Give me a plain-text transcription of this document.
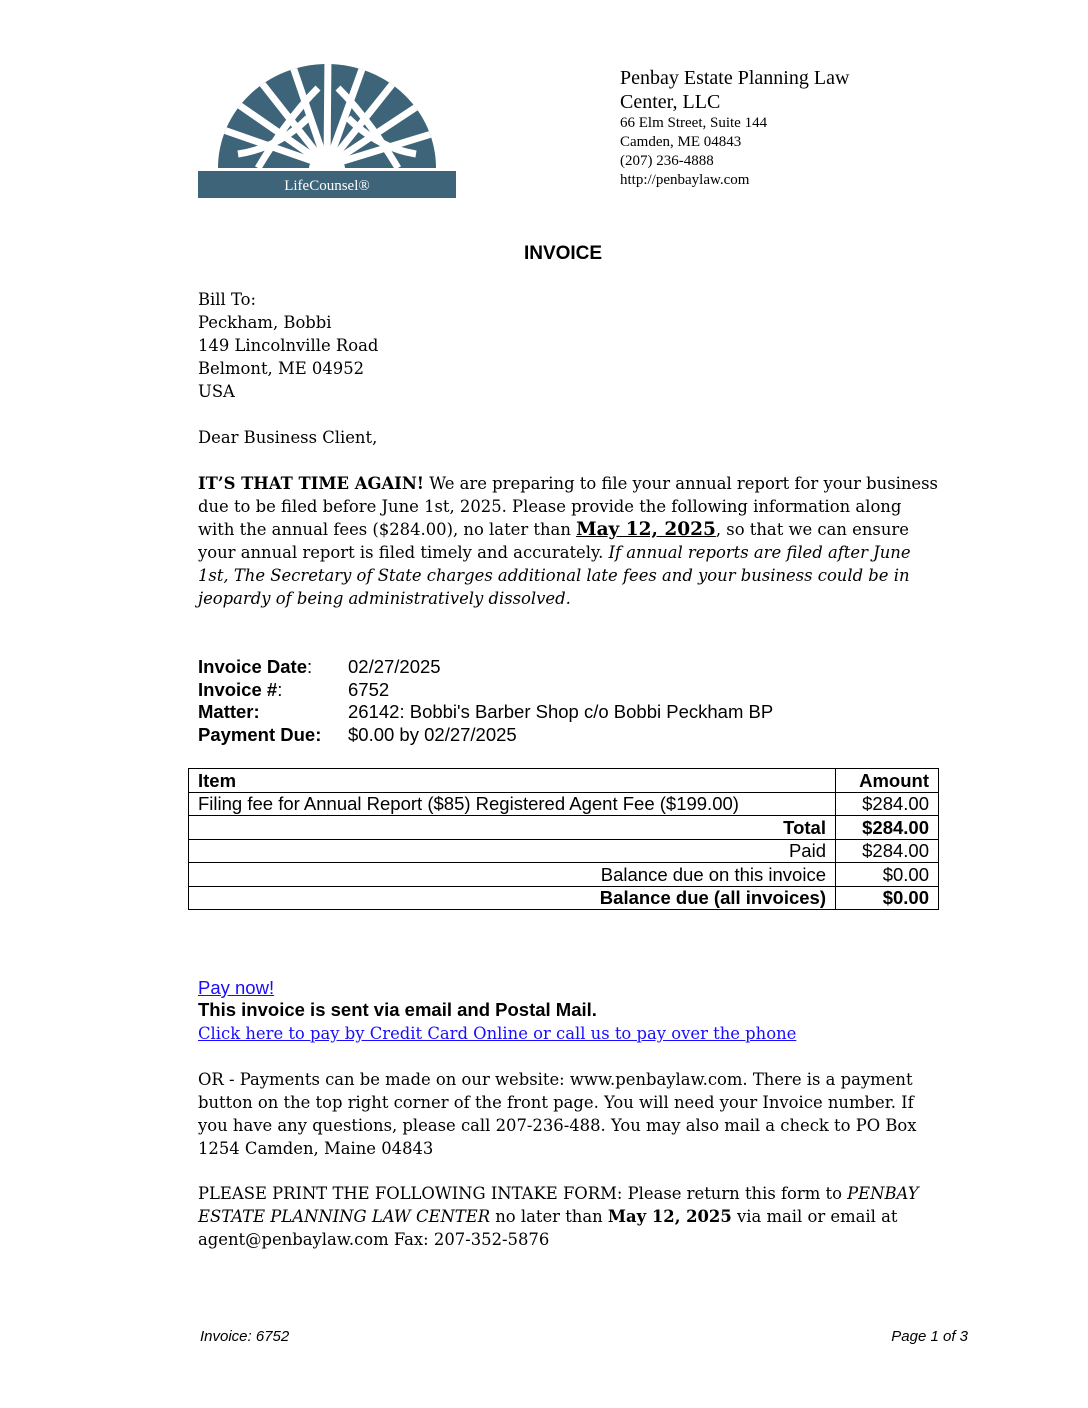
LifeCounsel®
Penbay Estate Planning Law
Center, LLC
66 Elm Street, Suite 144
Camden, ME 04843
(207) 236-4888
http://penbaylaw.com
INVOICE
Bill To:
Peckham, Bobbi
149 Lincolnville Road
Belmont, ME 04952
USA
Dear Business Client,
IT’S THAT TIME AGAIN! We are preparing to file your annual report for your business due to be filed before June 1st, 2025. Please provide the following information along with the annual fees ($284.00), no later than May 12, 2025, so that we can ensure your annual report is filed timely and accurately. If annual reports are filed after June 1st, The Secretary of State charges additional late fees and your business could be in jeopardy of being administratively dissolved.
Invoice Date:	02/27/2025
Invoice #:	6752
Matter:	26142: Bobbi's Barber Shop c/o Bobbi Peckham BP
Payment Due:	$0.00 by 02/27/2025
Item	Amount
Filing fee for Annual Report ($85) Registered Agent Fee ($199.00)	$284.00
Total	$284.00
Paid	$284.00
Balance due on this invoice	$0.00
Balance due (all invoices)	$0.00
Pay now!
This invoice is sent via email and Postal Mail.
Click here to pay by Credit Card Online or call us to pay over the phone
OR - Payments can be made on our website: www.penbaylaw.com. There is a payment button on the top right corner of the front page. You will need your Invoice number. If you have any questions, please call 207-236-488. You may also mail a check to PO Box 1254 Camden, Maine 04843
PLEASE PRINT THE FOLLOWING INTAKE FORM: Please return this form to PENBAY ESTATE PLANNING LAW CENTER no later than May 12, 2025 via mail or email at agent@penbaylaw.com Fax: 207-352-5876
Invoice: 6752	Page 1 of 3
